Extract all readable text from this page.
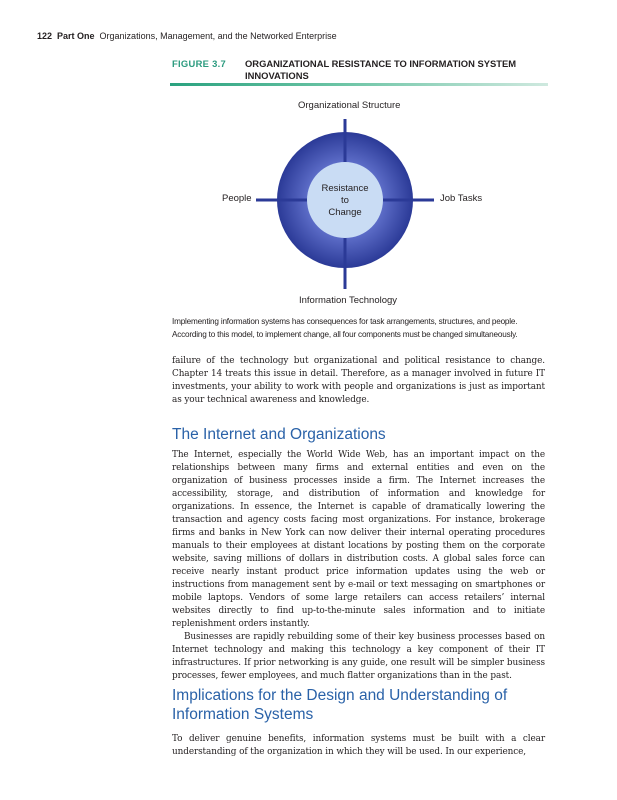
122 Part One Organizations, Management, and the Networked Enterprise
FIGURE 3.7 ORGANIZATIONAL RESISTANCE TO INFORMATION SYSTEM INNOVATIONS
Organizational Structure
People	Job Tasks
Information Technology
Resistance
to
Change

Implementing information systems has consequences for task arrangements, structures, and people.

According to this model, to implement change, all four components must be changed simultaneously.

failure of the technology but organizational and political resistance to change. Chapter 14 treats this issue in detail. Therefore, as a manager involved in future IT investments, your ability to work with people and organizations is just as important as your technical awareness and knowledge.

The Internet and Organizations

The Internet, especially the World Wide Web, has an important impact on the relationships between many firms and external entities and even on the organization of business processes inside a firm. The Internet increases the accessibility, storage, and distribution of information and knowledge for organizations. In essence, the Internet is capable of dramatically lowering the transaction and agency costs facing most organizations. For instance, brokerage firms and banks in New York can now deliver their internal operating procedures manuals to their employees at distant locations by posting them on the corporate website, saving millions of dollars in distribution costs. A global sales force can receive nearly instant product price information updates using the web or instructions from management sent by e-mail or text messaging on smartphones or mobile laptops. Vendors of some large retailers can access retailers’ internal websites directly to find up-to-the-minute sales information and to initiate replenishment orders instantly.

Businesses are rapidly rebuilding some of their key business processes based on Internet technology and making this technology a key component of their IT infrastructures. If prior networking is any guide, one result will be simpler business processes, fewer employees, and much flatter organizations than in the past.

Implications for the Design and Understanding of
Information Systems

To deliver genuine benefits, information systems must be built with a clear understanding of the organization in which they will be used. In our experience,
